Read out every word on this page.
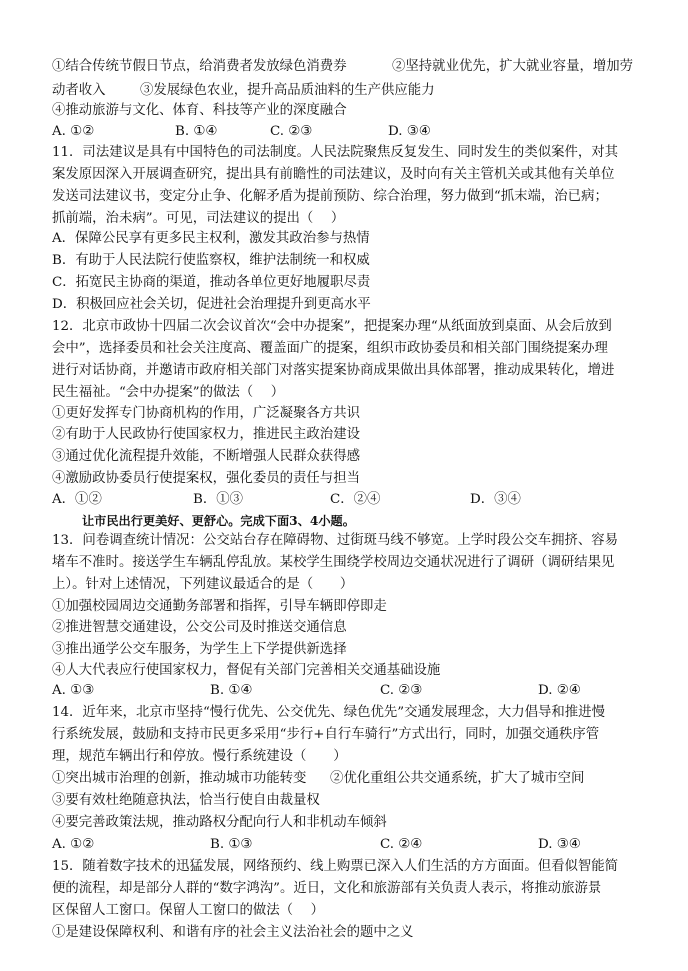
①结合传统节假日节点，给消费者发放绿色消费券	②坚持就业优先，扩大就业容量，增加劳
动者收入	③发展绿色农业，提升高品质油料的生产供应能力
④推动旅游与文化、体育、科技等产业的深度融合
A. ①②	B. ①④	C. ②③	D. ③④
11．司法建议是具有中国特色的司法制度。人民法院聚焦反复发生、同时发生的类似案件，对其
案发原因深入开展调查研究，提出具有前瞻性的司法建议，及时向有关主管机关或其他有关单位
发送司法建议书，变定分止争、化解矛盾为提前预防、综合治理，努力做到“抓末端，治已病；
抓前端，治未病”。可见，司法建议的提出（　 ）
A．保障公民享有更多民主权利，激发其政治参与热情
B．有助于人民法院行使监察权，维护法制统一和权威
C．拓宽民主协商的渠道，推动各单位更好地履职尽责
D．积极回应社会关切，促进社会治理提升到更高水平
12．北京市政协十四届二次会议首次“会中办提案”，把提案办理“从纸面放到桌面、从会后放到
会中”，选择委员和社会关注度高、覆盖面广的提案，组织市政协委员和相关部门围绕提案办理
进行对话协商，并邀请市政府相关部门对落实提案协商成果做出具体部署，推动成果转化，增进
民生福祉。“会中办提案”的做法（　 ）
①更好发挥专门协商机构的作用，广泛凝聚各方共识
②有助于人民政协行使国家权力，推进民主政治建设
③通过优化流程提升效能，不断增强人民群众获得感
④激励政协委员行使提案权，强化委员的责任与担当
A．①②	B．①③	C．②④	D．③④
让市民出行更美好、更舒心。完成下面3、4小题。
13．问卷调查统计情况：公交站台存在障碍物、过街斑马线不够宽。上学时段公交车拥挤、容易
堵车不准时。接送学生车辆乱停乱放。某校学生围绕学校周边交通状况进行了调研（调研结果见
上）。针对上述情况，下列建议最适合的是（　　）
①加强校园周边交通勤务部署和指挥，引导车辆即停即走
②推进智慧交通建设，公交公司及时推送交通信息
③推出通学公交车服务，为学生上下学提供新选择
④人大代表应行使国家权力，督促有关部门完善相关交通基础设施
A. ①③	B. ①④	C. ②③	D. ②④
14．近年来，北京市坚持“慢行优先、公交优先、绿色优先”交通发展理念，大力倡导和推进慢
行系统发展，鼓励和支持市民更多采用“步行+自行车骑行”方式出行，同时，加强交通秩序管
理，规范车辆出行和停放。慢行系统建设（　　）
①突出城市治理的创新，推动城市功能转变 ②优化重组公共交通系统，扩大了城市空间
③要有效杜绝随意执法，恰当行使自由裁量权
④要完善政策法规，推动路权分配向行人和非机动车倾斜
A. ①②	B. ①③	C. ②④	D. ③④
15．随着数字技术的迅猛发展，网络预约、线上购票已深入人们生活的方方面面。但看似智能简
便的流程，却是部分人群的“数字鸿沟”。近日，文化和旅游部有关负责人表示，将推动旅游景
区保留人工窗口。保留人工窗口的做法（　 ）
①是建设保障权利、和谐有序的社会主义法治社会的题中之义
